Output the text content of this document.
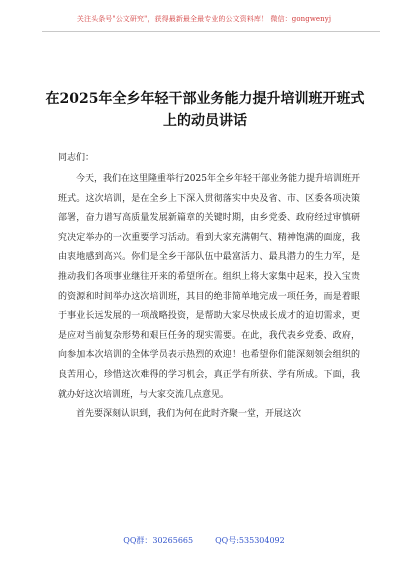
关注头条号"公文研究"，获得最新最全最专业的公文资料库！ 微信：gongwenyj
在2025年全乡年轻干部业务能力提升培训班开班式上的动员讲话
同志们：

今天，我们在这里隆重举行2025年全乡年轻干部业务能力提升培训班开班式。这次培训，是在全乡上下深入贯彻落实中央及省、市、区委各项决策部署，奋力谱写高质量发展新篇章的关键时期，由乡党委、政府经过审慎研究决定举办的一次重要学习活动。看到大家充满朝气、精神饱满的面庞，我由衷地感到高兴。你们是全乡干部队伍中最富活力、最具潜力的生力军，是推动我们各项事业继往开来的希望所在。组织上将大家集中起来，投入宝贵的资源和时间举办这次培训班，其目的绝非简单地完成一项任务，而是着眼于事业长远发展的一项战略投资，是帮助大家尽快成长成才的迫切需求，更是应对当前复杂形势和艰巨任务的现实需要。在此，我代表乡党委、政府，向参加本次培训的全体学员表示热烈的欢迎！也希望你们能深刻领会组织的良苦用心，珍惜这次难得的学习机会，真正学有所获、学有所成。下面，我就办好这次培训班，与大家交流几点意见。

首先要深刻认识到，我们为何在此时齐聚一堂，开展这次

QQ群：30265665	QQ号:535304092
